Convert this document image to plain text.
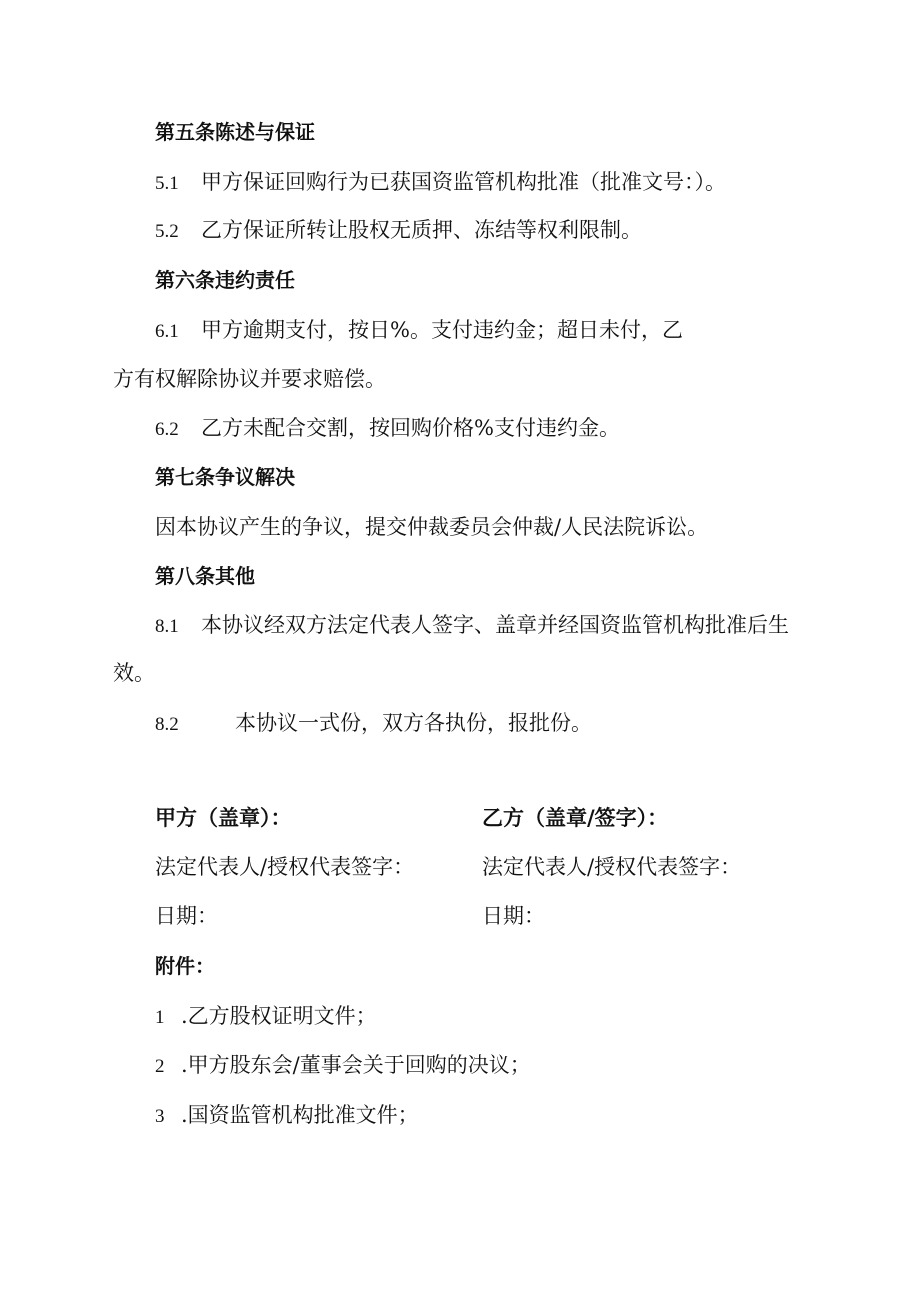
第五条陈述与保证

5.1 甲方保证回购行为已获国资监管机构批准（批准文号：）。

5.2 乙方保证所转让股权无质押、冻结等权利限制。

第六条违约责任

6.1 甲方逾期支付，按日%。支付违约金；超日未付，乙

方有权解除协议并要求赔偿。

6.2 乙方未配合交割，按回购价格%支付违约金。

第七条争议解决

因本协议产生的争议，提交仲裁委员会仲裁/人民法院诉讼。

第八条其他

8.1 本协议经双方法定代表人签字、盖章并经国资监管机构批准后生

效。

8.2	本协议一式份，双方各执份，报批份。

甲方（盖章）：
法定代表人/授权代表签字：
日期：
乙方（盖章/签字）：
法定代表人/授权代表签字：
日期：

附件：

1 .乙方股权证明文件；

2 .甲方股东会/董事会关于回购的决议；

3 .国资监管机构批准文件；
